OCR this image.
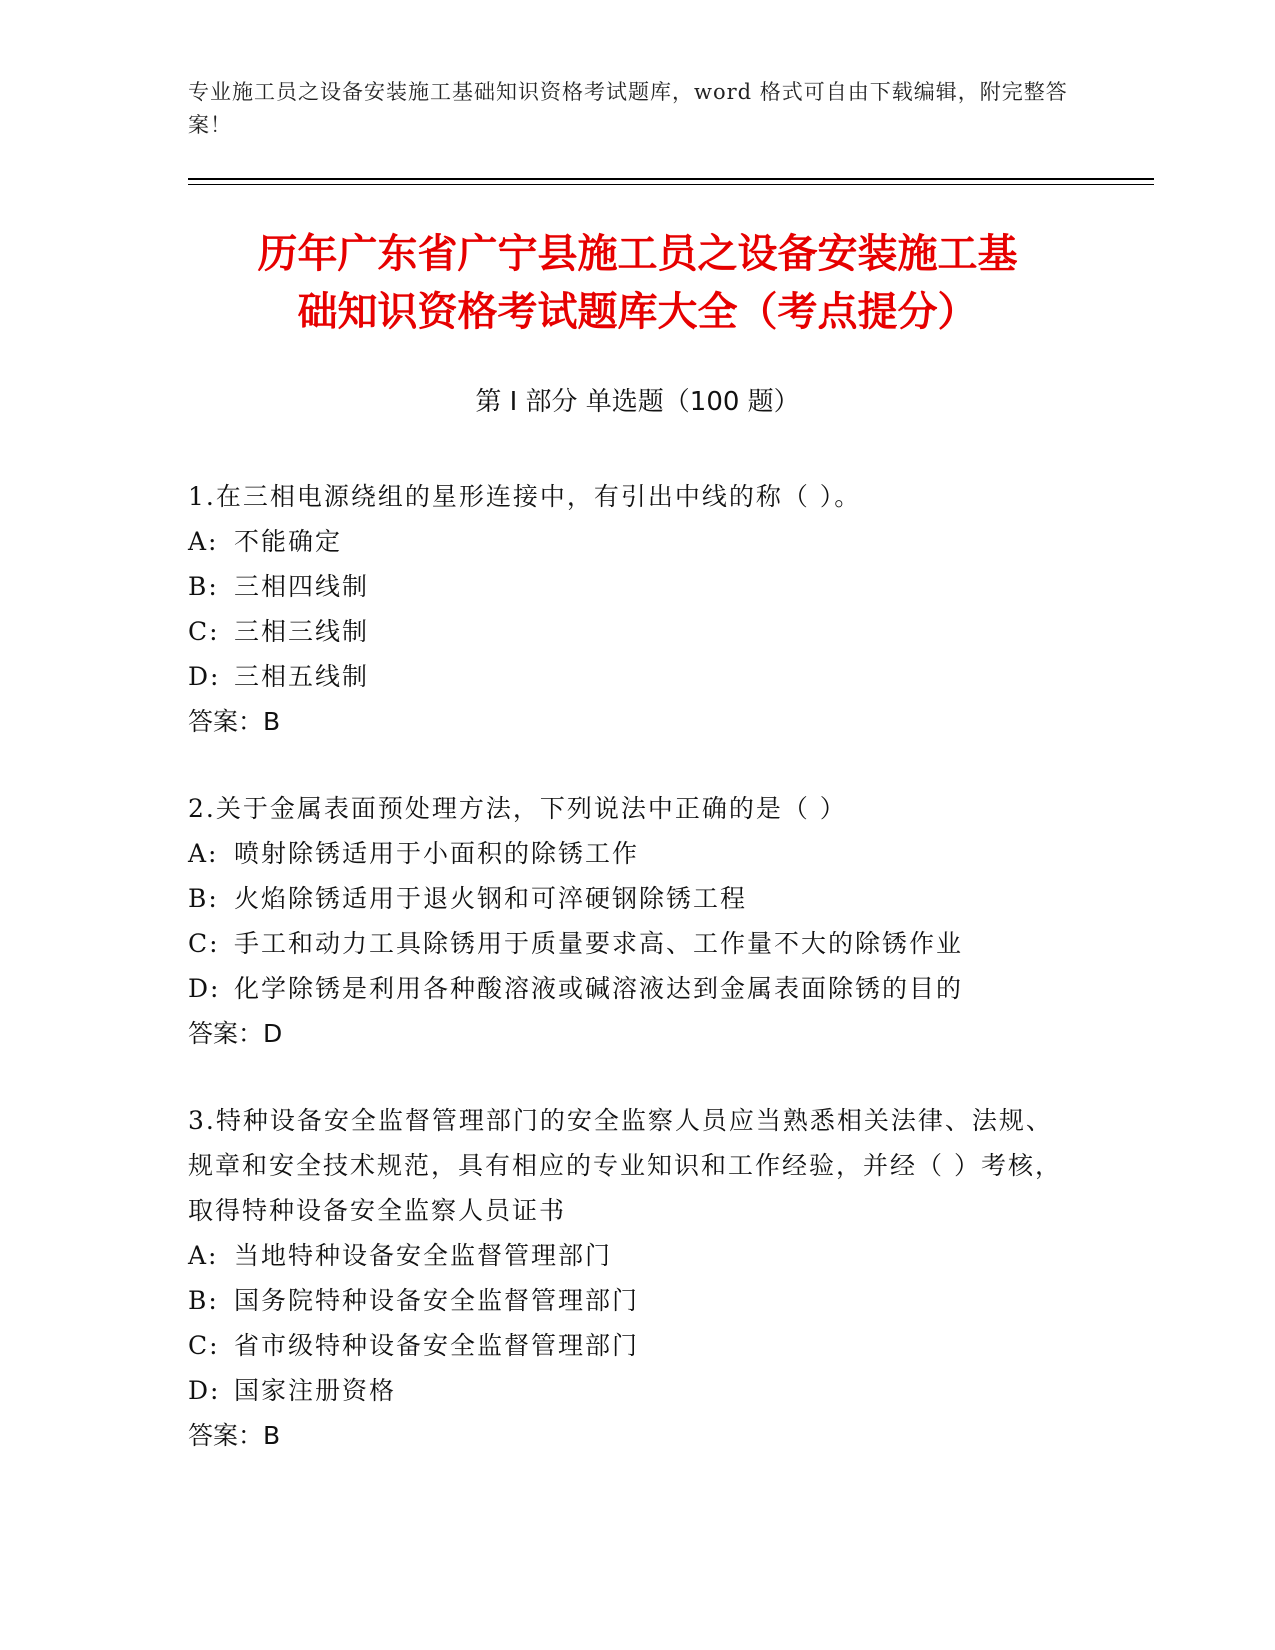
专业施工员之设备安装施工基础知识资格考试题库，word 格式可自由下载编辑，附完整答案！
历年广东省广宁县施工员之设备安装施工基
础知识资格考试题库大全（考点提分）
第 I 部分 单选题（100 题）
1.在三相电源绕组的星形连接中，有引出中线的称（ ）。
A: 不能确定
B: 三相四线制
C: 三相三线制
D: 三相五线制
答案：B
2.关于金属表面预处理方法，下列说法中正确的是（ ）
A: 喷射除锈适用于小面积的除锈工作
B: 火焰除锈适用于退火钢和可淬硬钢除锈工程
C: 手工和动力工具除锈用于质量要求高、工作量不大的除锈作业
D: 化学除锈是利用各种酸溶液或碱溶液达到金属表面除锈的目的
答案：D
3.特种设备安全监督管理部门的安全监察人员应当熟悉相关法律、法规、规章和安全技术规范，具有相应的专业知识和工作经验，并经（ ）考核，取得特种设备安全监察人员证书
A: 当地特种设备安全监督管理部门
B: 国务院特种设备安全监督管理部门
C: 省市级特种设备安全监督管理部门
D: 国家注册资格
答案：B
